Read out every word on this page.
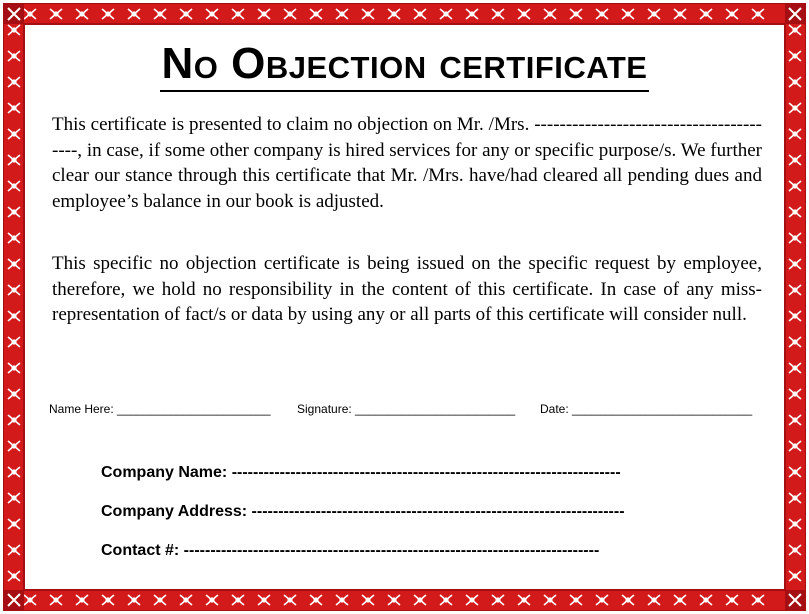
No Objection certificate

This certificate is presented to claim no objection on Mr. /Mrs. ----------------------------------------, in case, if some other company is hired services for any or specific purpose/s. We further clear our stance through this certificate that Mr. /Mrs. have/had cleared all pending dues and employee’s balance in our book is adjusted.

This specific no objection certificate is being issued on the specific request by employee, therefore, we hold no responsibility in the content of this certificate. In case of any miss-representation of fact/s or data by using any or all parts of this certificate will consider null.

Name Here: _______________________ Signature: ________________________ Date: ___________________________
Company Name: -------------------------------------------------------------------------
Company Address: ----------------------------------------------------------------------
Contact #: ------------------------------------------------------------------------------
